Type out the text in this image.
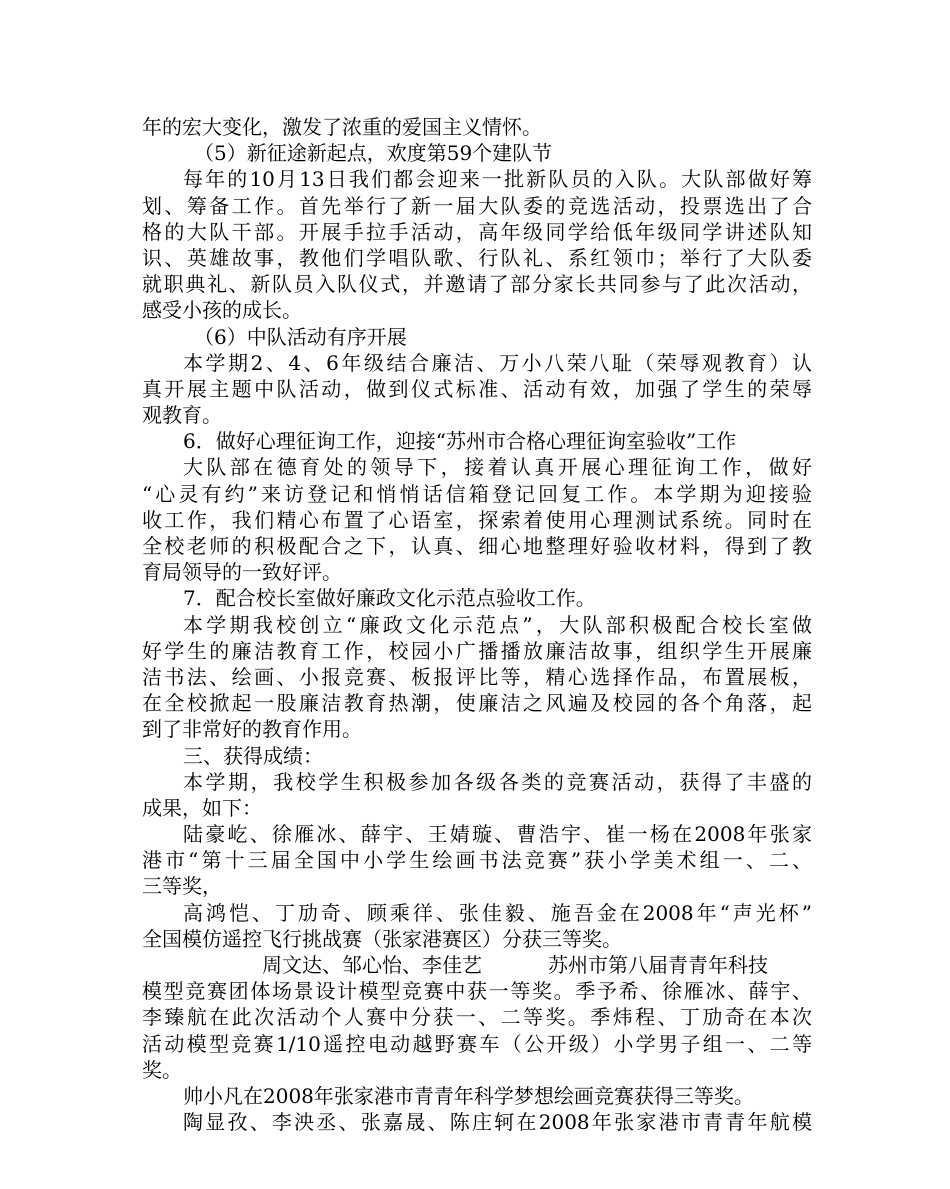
年的宏大变化，激发了浓重的爱国主义情怀。
（5）新征途新起点，欢度第59个建队节
每年的10月13日我们都会迎来一批新队员的入队。大队部做好筹
划、筹备工作。首先举行了新一届大队委的竞选活动，投票选出了合
格的大队干部。开展手拉手活动，高年级同学给低年级同学讲述队知
识、英雄故事，教他们学唱队歌、行队礼、系红领巾；举行了大队委
就职典礼、新队员入队仪式，并邀请了部分家长共同参与了此次活动，
感受小孩的成长。
（6）中队活动有序开展
本学期2、4、6年级结合廉洁、万小八荣八耻（荣辱观教育）认
真开展主题中队活动，做到仪式标准、活动有效，加强了学生的荣辱
观教育。
6．做好心理征询工作，迎接“苏州市合格心理征询室验收”工作
大队部在德育处的领导下，接着认真开展心理征询工作，做好
“心灵有约”来访登记和悄悄话信箱登记回复工作。本学期为迎接验
收工作，我们精心布置了心语室，探索着使用心理测试系统。同时在
全校老师的积极配合之下，认真、细心地整理好验收材料，得到了教
育局领导的一致好评。
7．配合校长室做好廉政文化示范点验收工作。
本学期我校创立“廉政文化示范点”，大队部积极配合校长室做
好学生的廉洁教育工作，校园小广播播放廉洁故事，组织学生开展廉
洁书法、绘画、小报竞赛、板报评比等，精心选择作品，布置展板，
在全校掀起一股廉洁教育热潮，使廉洁之风遍及校园的各个角落，起
到了非常好的教育作用。
三、获得成绩：
本学期，我校学生积极参加各级各类的竞赛活动，获得了丰盛的
成果，如下：
陆豪屹、徐雁冰、薛宇、王婧璇、曹浩宇、崔一杨在2008年张家
港市“第十三届全国中小学生绘画书法竞赛”获小学美术组一、二、
三等奖，
高鸿恺、丁劢奇、顾乘徉、张佳毅、施吾金在2008年“声光杯”
全国模仿遥控飞行挑战赛（张家港赛区）分获三等奖。
周文达、邹心怡、李佳艺	苏州市第八届青青年科技
模型竞赛团体场景设计模型竞赛中获一等奖。季予希、徐雁冰、薛宇、
李臻航在此次活动个人赛中分获一、二等奖。季炜程、丁劢奇在本次
活动模型竞赛1/10遥控电动越野赛车（公开级）小学男子组一、二等
奖。
帅小凡在2008年张家港市青青年科学梦想绘画竞赛获得三等奖。
陶显孜、李泱丞、张嘉晟、陈庄轲在2008年张家港市青青年航模
